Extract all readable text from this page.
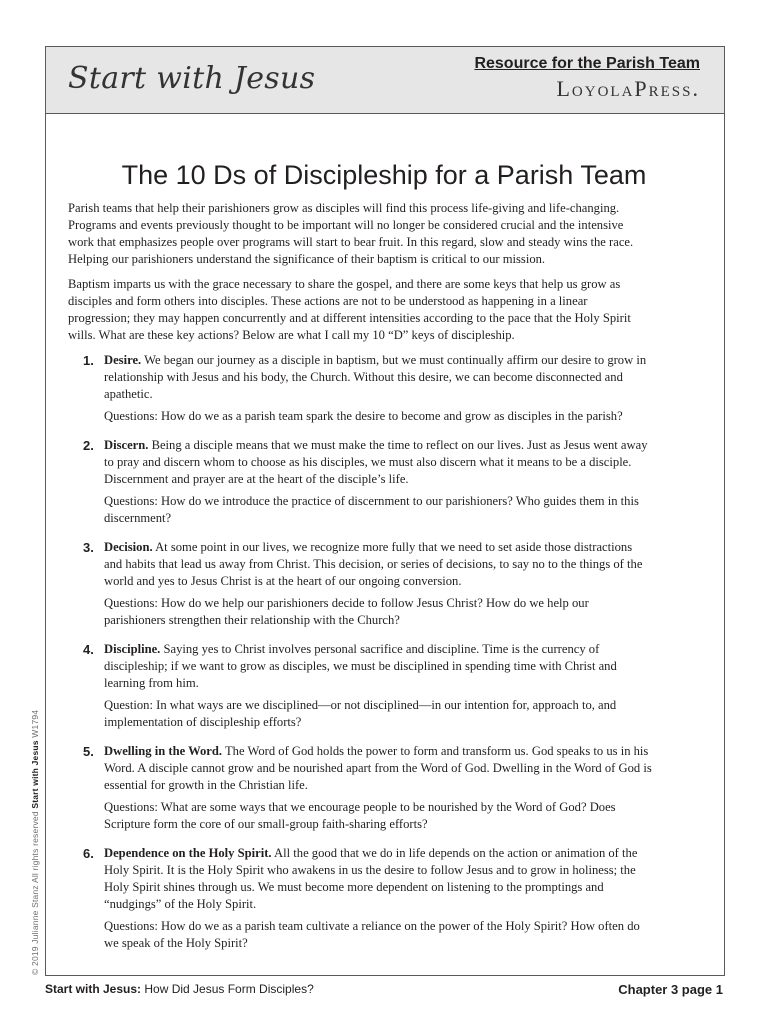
Start with Jesus	Resource for the Parish Team
LoyolaPress.
The 10 Ds of Discipleship for a Parish Team

Parish teams that help their parishioners grow as disciples will find this process life-giving and life-changing. Programs and events previously thought to be important will no longer be considered crucial and the intensive work that emphasizes people over programs will start to bear fruit. In this regard, slow and steady wins the race. Helping our parishioners understand the significance of their baptism is critical to our mission.

Baptism imparts us with the grace necessary to share the gospel, and there are some keys that help us grow as disciples and form others into disciples. These actions are not to be understood as happening in a linear progression; they may happen concurrently and at different intensities according to the pace that the Holy Spirit wills. What are these key actions? Below are what I call my 10 “D” keys of discipleship.

1. Desire. We began our journey as a disciple in baptism, but we must continually affirm our desire to grow in relationship with Jesus and his body, the Church. Without this desire, we can become disconnected and apathetic.

Questions: How do we as a parish team spark the desire to become and grow as disciples in the parish?

2. Discern. Being a disciple means that we must make the time to reflect on our lives. Just as Jesus went away to pray and discern whom to choose as his disciples, we must also discern what it means to be a disciple. Discernment and prayer are at the heart of the disciple’s life.

Questions: How do we introduce the practice of discernment to our parishioners? Who guides them in this discernment?

3. Decision. At some point in our lives, we recognize more fully that we need to set aside those distractions and habits that lead us away from Christ. This decision, or series of decisions, to say no to the things of the world and yes to Jesus Christ is at the heart of our ongoing conversion.

Questions: How do we help our parishioners decide to follow Jesus Christ? How do we help our parishioners strengthen their relationship with the Church?

4. Discipline. Saying yes to Christ involves personal sacrifice and discipline. Time is the currency of discipleship; if we want to grow as disciples, we must be disciplined in spending time with Christ and learning from him.

Question: In what ways are we disciplined—or not disciplined—in our intention for, approach to, and implementation of discipleship efforts?

5. Dwelling in the Word. The Word of God holds the power to form and transform us. God speaks to us in his Word. A disciple cannot grow and be nourished apart from the Word of God. Dwelling in the Word of God is essential for growth in the Christian life.

Questions: What are some ways that we encourage people to be nourished by the Word of God? Does Scripture form the core of our small-group faith-sharing efforts?

6. Dependence on the Holy Spirit. All the good that we do in life depends on the action or animation of the Holy Spirit. It is the Holy Spirit who awakens in us the desire to follow Jesus and to grow in holiness; the Holy Spirit shines through us. We must become more dependent on listening to the promptings and “nudgings” of the Holy Spirit.

Questions: How do we as a parish team cultivate a reliance on the power of the Holy Spirit? How often do we speak of the Holy Spirit?

© 2019 Julianne Stanz All rights reserved Start with Jesus W1794
Start with Jesus: How Did Jesus Form Disciples?	Chapter 3 page 1
